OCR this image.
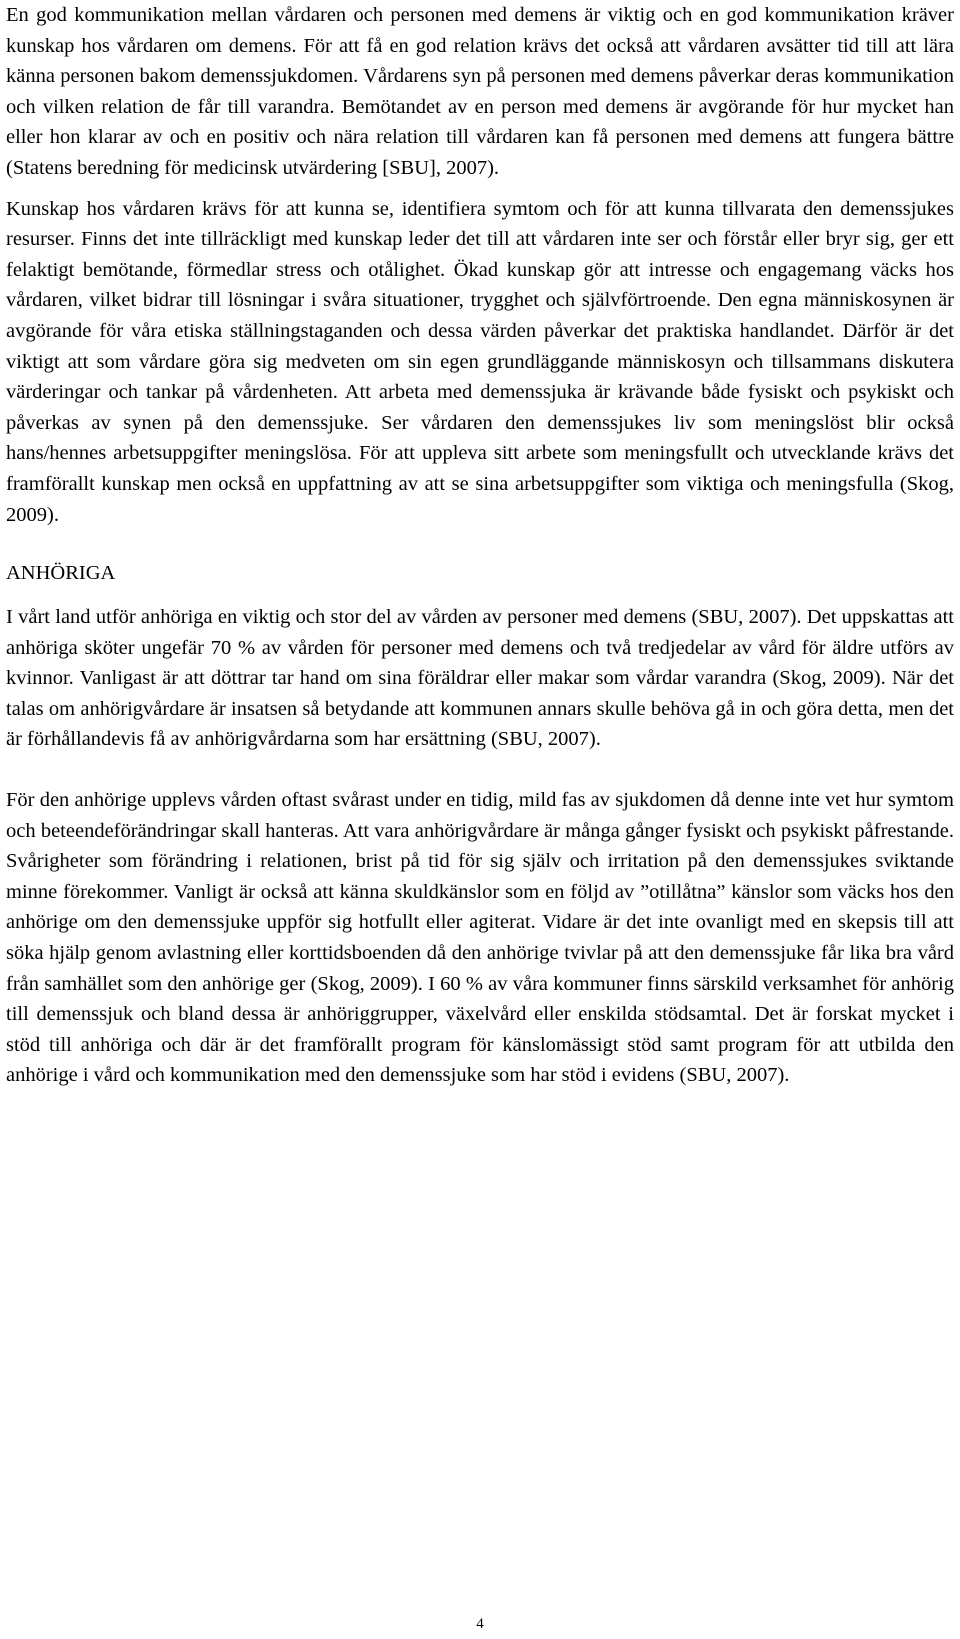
En god kommunikation mellan vårdaren och personen med demens är viktig och en god kommunikation kräver kunskap hos vårdaren om demens. För att få en god relation krävs det också att vårdaren avsätter tid till att lära känna personen bakom demenssjukdomen. Vårdarens syn på personen med demens påverkar deras kommunikation och vilken relation de får till varandra. Bemötandet av en person med demens är avgörande för hur mycket han eller hon klarar av och en positiv och nära relation till vårdaren kan få personen med demens att fungera bättre (Statens beredning för medicinsk utvärdering [SBU], 2007).

Kunskap hos vårdaren krävs för att kunna se, identifiera symtom och för att kunna tillvarata den demenssjukes resurser. Finns det inte tillräckligt med kunskap leder det till att vårdaren inte ser och förstår eller bryr sig, ger ett felaktigt bemötande, förmedlar stress och otålighet. Ökad kunskap gör att intresse och engagemang väcks hos vårdaren, vilket bidrar till lösningar i svåra situationer, trygghet och självförtroende. Den egna människosynen är avgörande för våra etiska ställningstaganden och dessa värden påverkar det praktiska handlandet. Därför är det viktigt att som vårdare göra sig medveten om sin egen grundläggande människosyn och tillsammans diskutera värderingar och tankar på vårdenheten. Att arbeta med demenssjuka är krävande både fysiskt och psykiskt och påverkas av synen på den demenssjuke. Ser vårdaren den demenssjukes liv som meningslöst blir också hans/hennes arbetsuppgifter meningslösa. För att uppleva sitt arbete som meningsfullt och utvecklande krävs det framförallt kunskap men också en uppfattning av att se sina arbetsuppgifter som viktiga och meningsfulla (Skog, 2009).

ANHÖRIGA

I vårt land utför anhöriga en viktig och stor del av vården av personer med demens (SBU, 2007). Det uppskattas att anhöriga sköter ungefär 70 % av vården för personer med demens och två tredjedelar av vård för äldre utförs av kvinnor. Vanligast är att döttrar tar hand om sina föräldrar eller makar som vårdar varandra (Skog, 2009). När det talas om anhörigvårdare är insatsen så betydande att kommunen annars skulle behöva gå in och göra detta, men det är förhållandevis få av anhörigvårdarna som har ersättning (SBU, 2007).

För den anhörige upplevs vården oftast svårast under en tidig, mild fas av sjukdomen då denne inte vet hur symtom och beteendeförändringar skall hanteras. Att vara anhörigvårdare är många gånger fysiskt och psykiskt påfrestande. Svårigheter som förändring i relationen, brist på tid för sig själv och irritation på den demenssjukes sviktande minne förekommer. Vanligt är också att känna skuldkänslor som en följd av ”otillåtna” känslor som väcks hos den anhörige om den demenssjuke uppför sig hotfullt eller agiterat. Vidare är det inte ovanligt med en skepsis till att söka hjälp genom avlastning eller korttidsboenden då den anhörige tvivlar på att den demenssjuke får lika bra vård från samhället som den anhörige ger (Skog, 2009). I 60 % av våra kommuner finns särskild verksamhet för anhörig till demenssjuk och bland dessa är anhöriggrupper, växelvård eller enskilda stödsamtal. Det är forskat mycket i stöd till anhöriga och där är det framförallt program för känslomässigt stöd samt program för att utbilda den anhörige i vård och kommunikation med den demenssjuke som har stöd i evidens (SBU, 2007).

4
